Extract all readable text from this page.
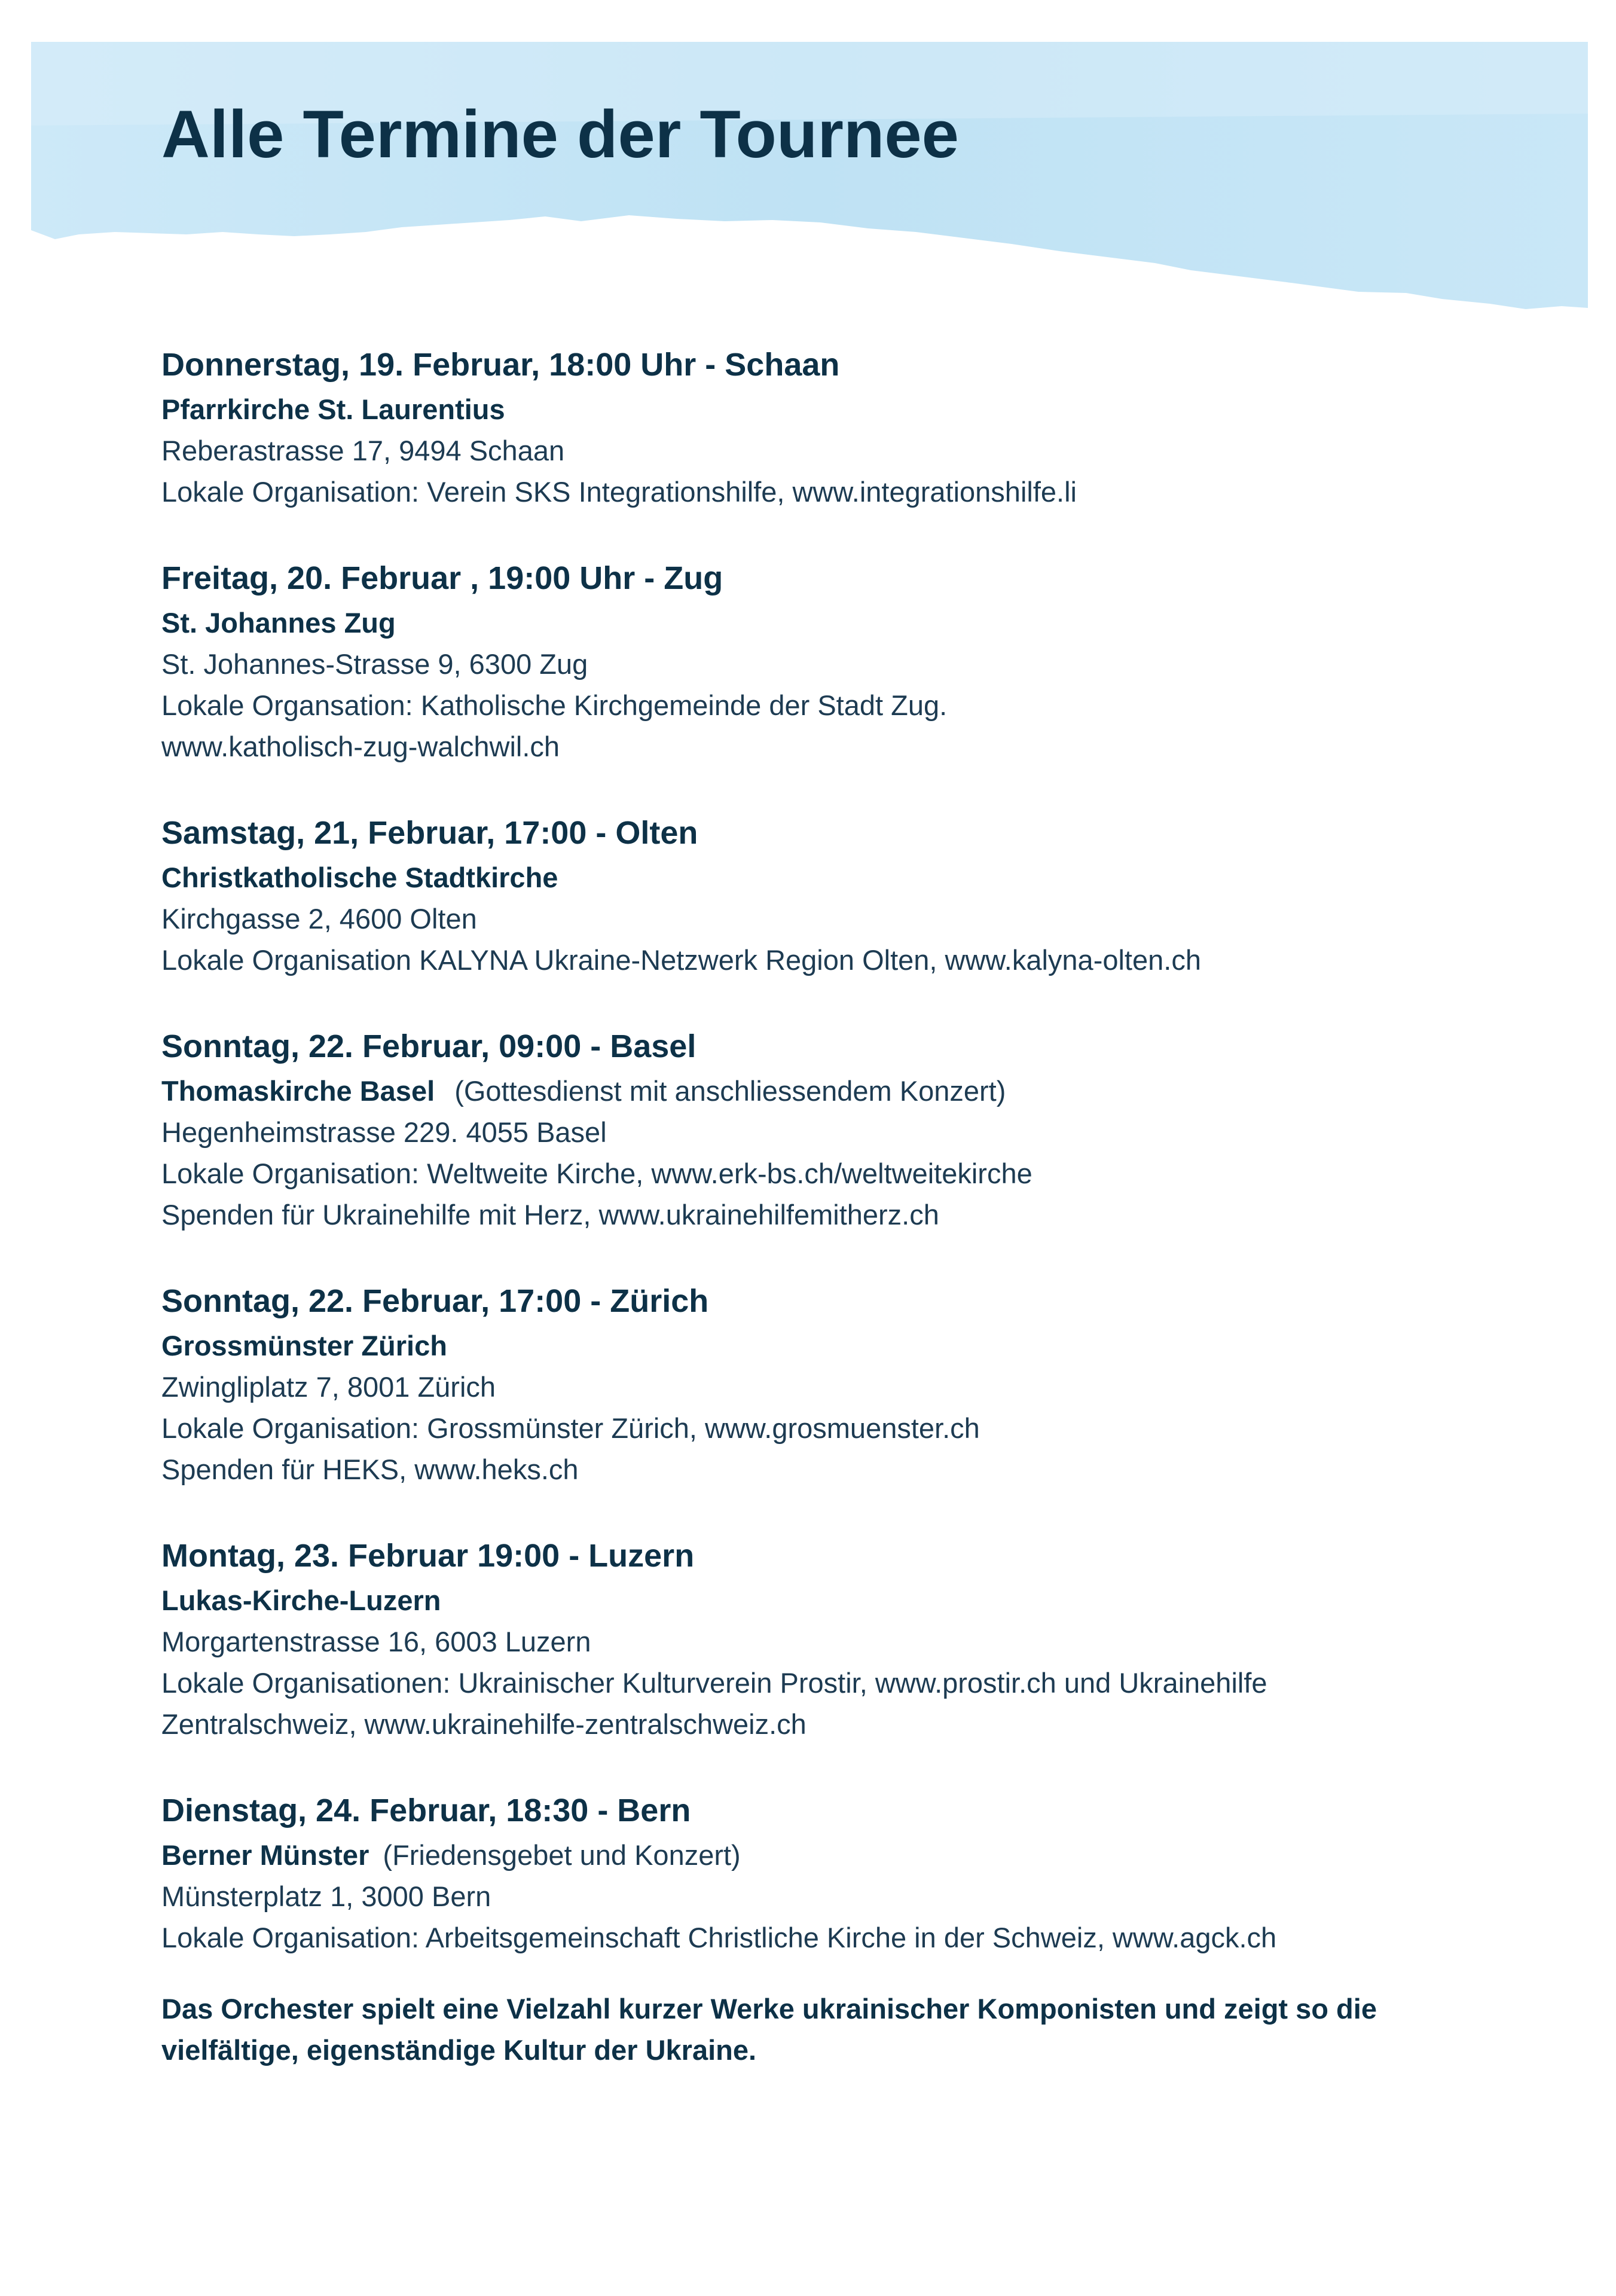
Alle Termine der Tournee
Donnerstag, 19. Februar, 18:00 Uhr - Schaan
Pfarrkirche St. Laurentius
Reberastrasse 17, 9494 Schaan
Lokale Organisation: Verein SKS Integrationshilfe, www.integrationshilfe.li
Freitag, 20. Februar , 19:00 Uhr - Zug
St. Johannes Zug
St. Johannes-Strasse 9, 6300 Zug
Lokale Organsation: Katholische Kirchgemeinde der Stadt Zug.
www.katholisch-zug-walchwil.ch
Samstag, 21, Februar, 17:00 - Olten
Christkatholische Stadtkirche
Kirchgasse 2, 4600 Olten
Lokale Organisation KALYNA Ukraine-Netzwerk Region Olten, www.kalyna-olten.ch
Sonntag, 22. Februar, 09:00 - Basel
Thomaskirche Basel (Gottesdienst mit anschliessendem Konzert)
Hegenheimstrasse 229. 4055 Basel
Lokale Organisation: Weltweite Kirche, www.erk-bs.ch/weltweitekirche
Spenden für Ukrainehilfe mit Herz, www.ukrainehilfemitherz.ch
Sonntag, 22. Februar, 17:00 - Zürich
Grossmünster Zürich
Zwingliplatz 7, 8001 Zürich
Lokale Organisation: Grossmünster Zürich, www.grosmuenster.ch
Spenden für HEKS, www.heks.ch
Montag, 23. Februar 19:00 - Luzern
Lukas-Kirche-Luzern
Morgartenstrasse 16, 6003 Luzern
Lokale Organisationen: Ukrainischer Kulturverein Prostir, www.prostir.ch und Ukrainehilfe
Zentralschweiz, www.ukrainehilfe-zentralschweiz.ch
Dienstag, 24. Februar, 18:30 - Bern
Berner Münster (Friedensgebet und Konzert)
Münsterplatz 1, 3000 Bern
Lokale Organisation: Arbeitsgemeinschaft Christliche Kirche in der Schweiz, www.agck.ch
Das Orchester spielt eine Vielzahl kurzer Werke ukrainischer Komponisten und zeigt so die
vielfältige, eigenständige Kultur der Ukraine.
